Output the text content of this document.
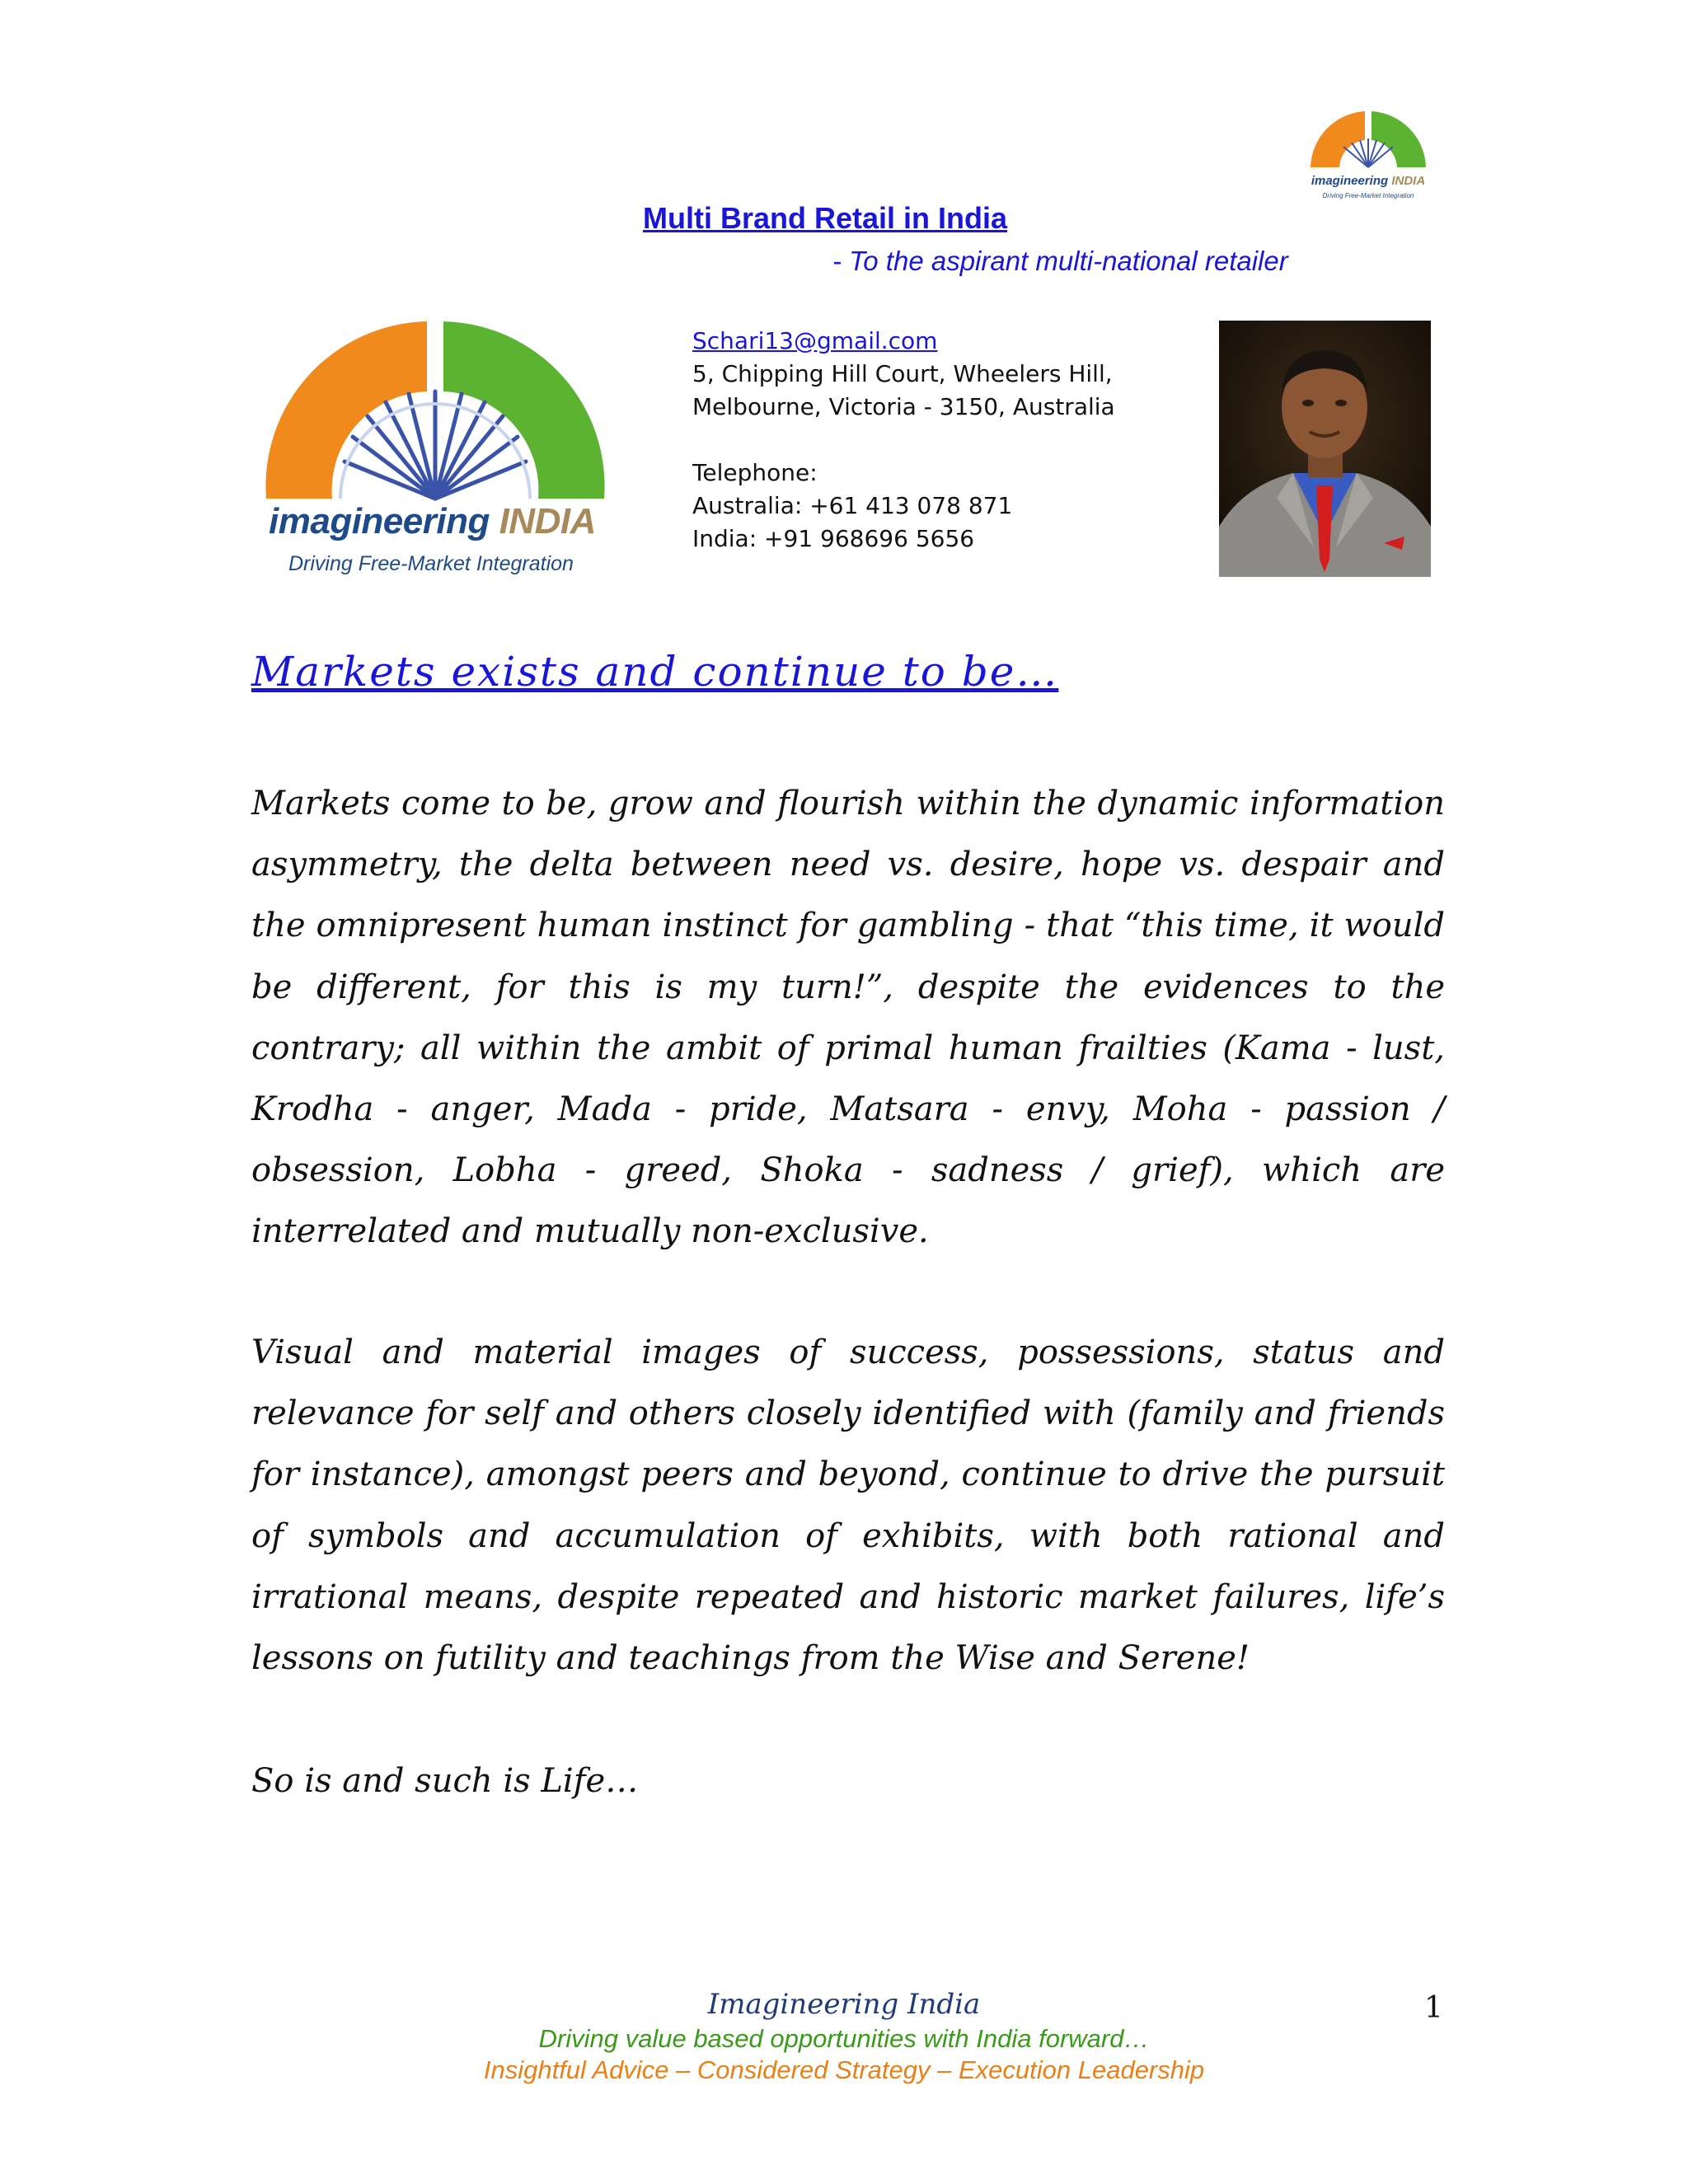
imagineering INDIA
Driving Free-Market Integration
Multi Brand Retail in India
- To the aspirant multi-national retailer
imagineering INDIA
Driving Free-Market Integration
Schari13@gmail.com
5, Chipping Hill Court, Wheelers Hill,
Melbourne, Victoria - 3150, Australia
Telephone:
Australia: +61 413 078 871
India: +91 968696 5656
Markets exists and continue to be…
Markets come to be, grow and flourish within the dynamic information asymmetry, the delta between need vs. desire, hope vs. despair and the omnipresent human instinct for gambling - that “this time, it would be different, for this is my turn!”, despite the evidences to the contrary; all within the ambit of primal human frailties (Kama - lust, Krodha - anger, Mada - pride, Matsara - envy, Moha - passion / obsession, Lobha - greed, Shoka - sadness / grief), which are interrelated and mutually non-exclusive.
Visual and material images of success, possessions, status and relevance for self and others closely identified with (family and friends for instance), amongst peers and beyond, continue to drive the pursuit of symbols and accumulation of exhibits, with both rational and irrational means, despite repeated and historic market failures, life’s lessons on futility and teachings from the Wise and Serene!
So is and such is Life…
Imagineering India
Driving value based opportunities with India forward…
Insightful Advice – Considered Strategy – Execution Leadership
1
